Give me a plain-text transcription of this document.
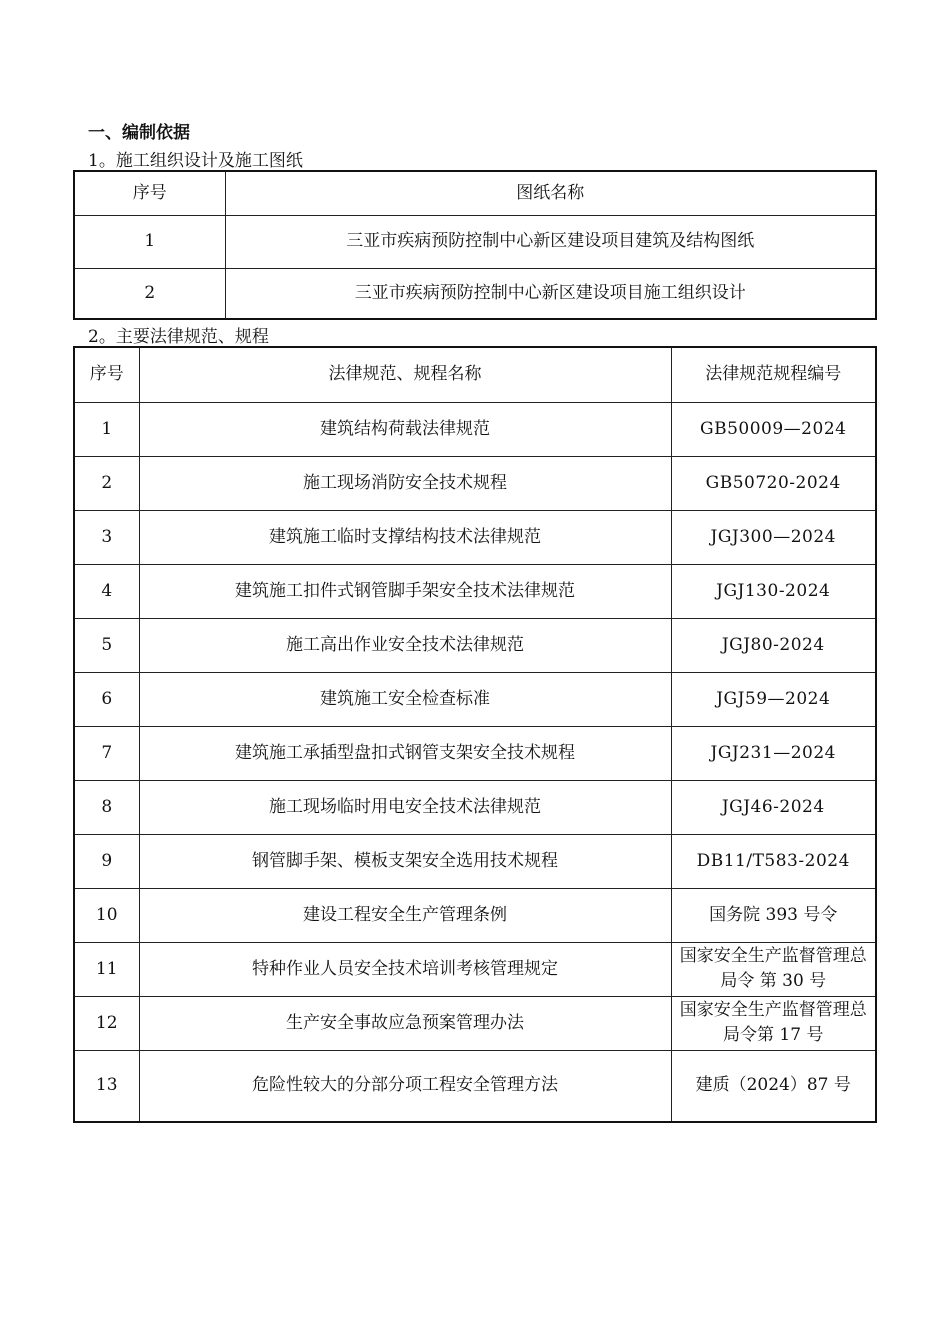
一、编制依据
1。施工组织设计及施工图纸
序号	图纸名称
1	三亚市疾病预防控制中心新区建设项目建筑及结构图纸
2	三亚市疾病预防控制中心新区建设项目施工组织设计
2。主要法律规范、规程
序号	法律规范、规程名称	法律规范规程编号
1	建筑结构荷载法律规范	GB50009—2024
2	施工现场消防安全技术规程	GB50720-2024
3	建筑施工临时支撑结构技术法律规范	JGJ300—2024
4	建筑施工扣件式钢管脚手架安全技术法律规范	JGJ130-2024
5	施工高出作业安全技术法律规范	JGJ80-2024
6	建筑施工安全检查标准	JGJ59—2024
7	建筑施工承插型盘扣式钢管支架安全技术规程	JGJ231—2024
8	施工现场临时用电安全技术法律规范	JGJ46-2024
9	钢管脚手架、模板支架安全选用技术规程	DB11/T583-2024
10	建设工程安全生产管理条例	国务院 393 号令
11	特种作业人员安全技术培训考核管理规定	国家安全生产监督管理总局令 第 30 号
12	生产安全事故应急预案管理办法	国家安全生产监督管理总局令第 17 号
13	危险性较大的分部分项工程安全管理方法	建质（2024）87 号
